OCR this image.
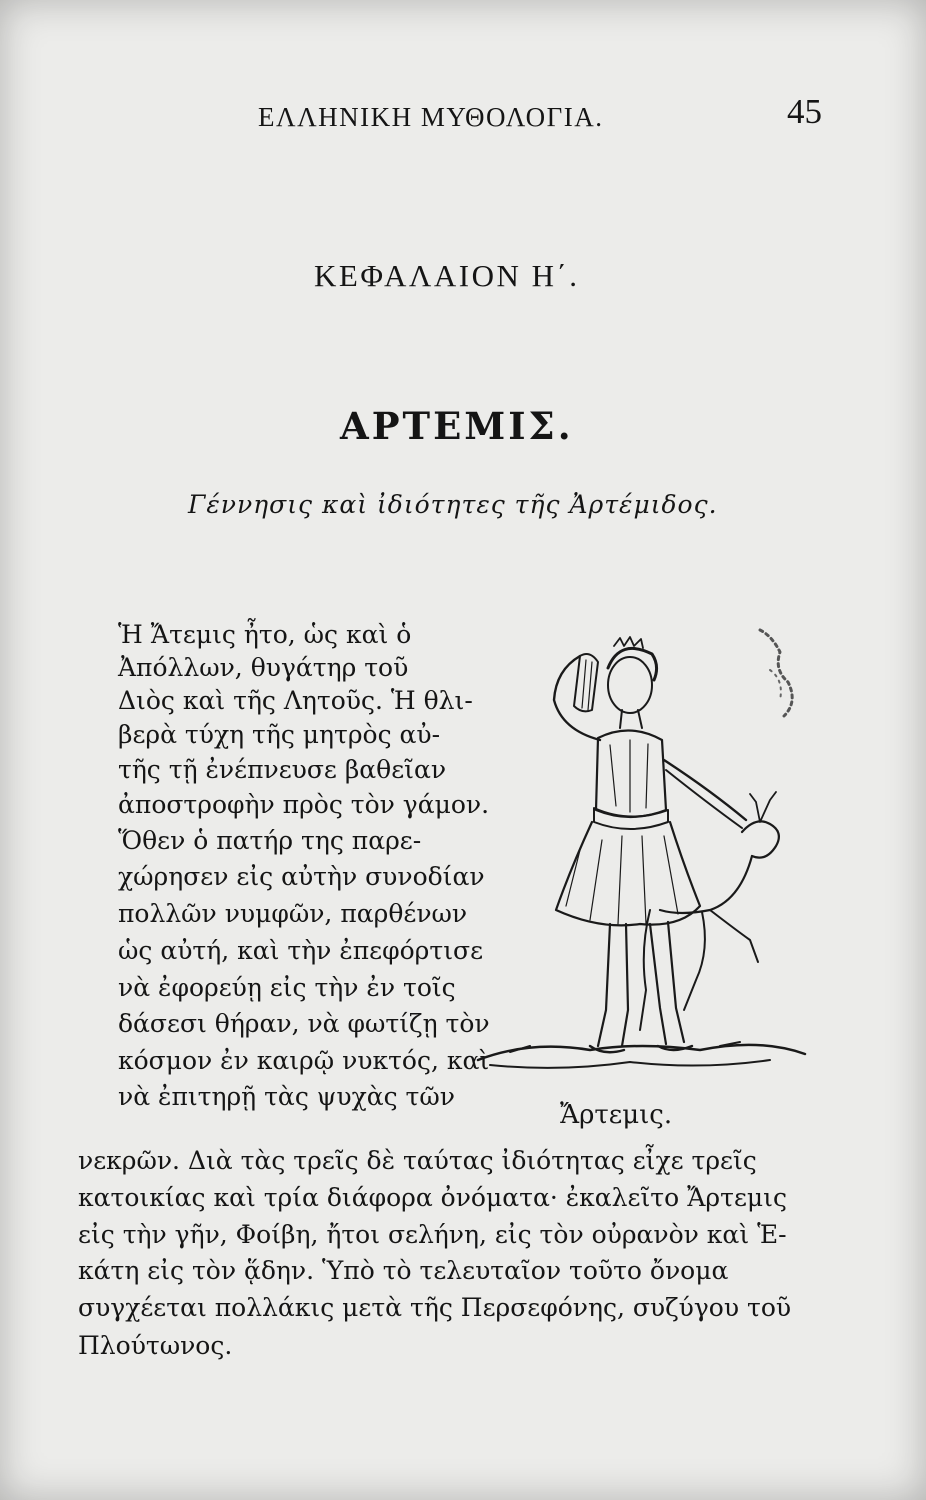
ΕΛΛΗΝΙΚΗ ΜΥΘΟΛΟΓΙΑ.	45
ΚΕΦΑΛΑΙΟΝ Η΄.
ΑΡΤΕΜΙΣ.
Γέννησις καὶ ἰδιότητες τῆς Ἀρτέμιδος.
Ἡ Ἄτεμις ἦτο, ὡς καὶ ὁ
Ἀπόλλων, θυγάτηρ τοῦ
Διὸς καὶ τῆς Λητοῦς. Ἡ θλι-
βερὰ τύχη τῆς μητρὸς αὐ-
τῆς τῇ ἐνέπνευσε βαθεῖαν
ἀποστροφὴν πρὸς τὸν γάμον.
Ὅθεν ὁ πατήρ της παρε-
χώρησεν εἰς αὐτὴν συνοδίαν
πολλῶν νυμφῶν, παρθένων
ὡς αὐτή, καὶ τὴν ἐπεφόρτισε
νὰ ἐφορεύῃ εἰς τὴν ἐν τοῖς
δάσεσι θήραν, νὰ φωτίζῃ τὸν
κόσμον ἐν καιρῷ νυκτός, καὶ
νὰ ἐπιτηρῇ τὰς ψυχὰς τῶν
Ἄρτεμις.
νεκρῶν. Διὰ τὰς τρεῖς δὲ ταύτας ἰδιότητας εἶχε τρεῖς
κατοικίας καὶ τρία διάφορα ὀνόματα· ἐκαλεῖτο Ἄρτεμις
εἰς τὴν γῆν, Φοίβη, ἤτοι σελήνη, εἰς τὸν οὐρανὸν καὶ Ἑ-
κάτη εἰς τὸν ᾅδην. Ὑπὸ τὸ τελευταῖον τοῦτο ὄνομα
συγχέεται πολλάκις μετὰ τῆς Περσεφόνης, συζύγου τοῦ
Πλούτωνος.
